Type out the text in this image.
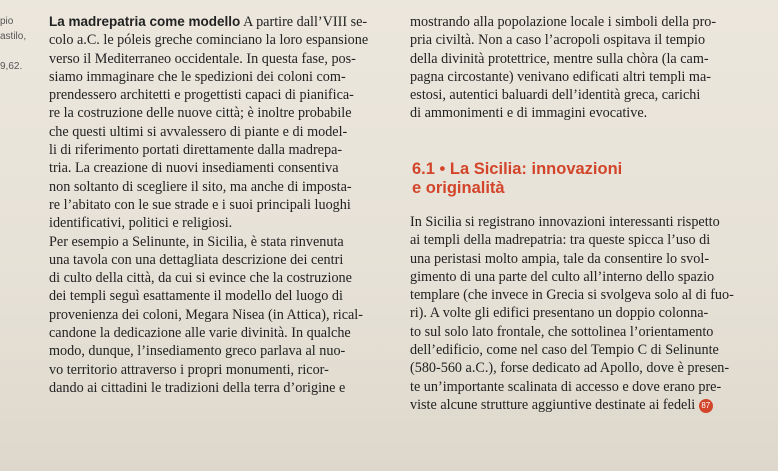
pio
astilo,
9,62.
La madrepatria come modello A partire dall’VIII se-
colo a.C. le póleis greche cominciano la loro espansione
verso il Mediterraneo occidentale. In questa fase, pos-
siamo immaginare che le spedizioni dei coloni com-
prendessero architetti e progettisti capaci di pianifica-
re la costruzione delle nuove città; è inoltre probabile
che questi ultimi si avvalessero di piante e di model-
li di riferimento portati direttamente dalla madrepa-
tria. La creazione di nuovi insediamenti consentiva
non soltanto di scegliere il sito, ma anche di imposta-
re l’abitato con le sue strade e i suoi principali luoghi
identificativi, politici e religiosi.
Per esempio a Selinunte, in Sicilia, è stata rinvenuta
una tavola con una dettagliata descrizione dei centri
di culto della città, da cui si evince che la costruzione
dei templi seguì esattamente il modello del luogo di
provenienza dei coloni, Megara Nisea (in Attica), rical-
candone la dedicazione alle varie divinità. In qualche
modo, dunque, l’insediamento greco parlava al nuo-
vo territorio attraverso i propri monumenti, ricor-
dando ai cittadini le tradizioni della terra d’origine e
mostrando alla popolazione locale i simboli della pro-
pria civiltà. Non a caso l’acropoli ospitava il tempio
della divinità protettrice, mentre sulla chòra (la cam-
pagna circostante) venivano edificati altri templi ma-
estosi, autentici baluardi dell’identità greca, carichi
di ammonimenti e di immagini evocative.
6.1 • La Sicilia: innovazioni
e originalità
In Sicilia si registrano innovazioni interessanti rispetto
ai templi della madrepatria: tra queste spicca l’uso di
una peristasi molto ampia, tale da consentire lo svol-
gimento di una parte del culto all’interno dello spazio
templare (che invece in Grecia si svolgeva solo al di fuo-
ri). A volte gli edifici presentano un doppio colonna-
to sul solo lato frontale, che sottolinea l’orientamento
dell’edificio, come nel caso del Tempio C di Selinunte
(580-560 a.C.), forse dedicato ad Apollo, dove è presen-
te un’importante scalinata di accesso e dove erano pre-
viste alcune strutture aggiuntive destinate ai fedeli 87
